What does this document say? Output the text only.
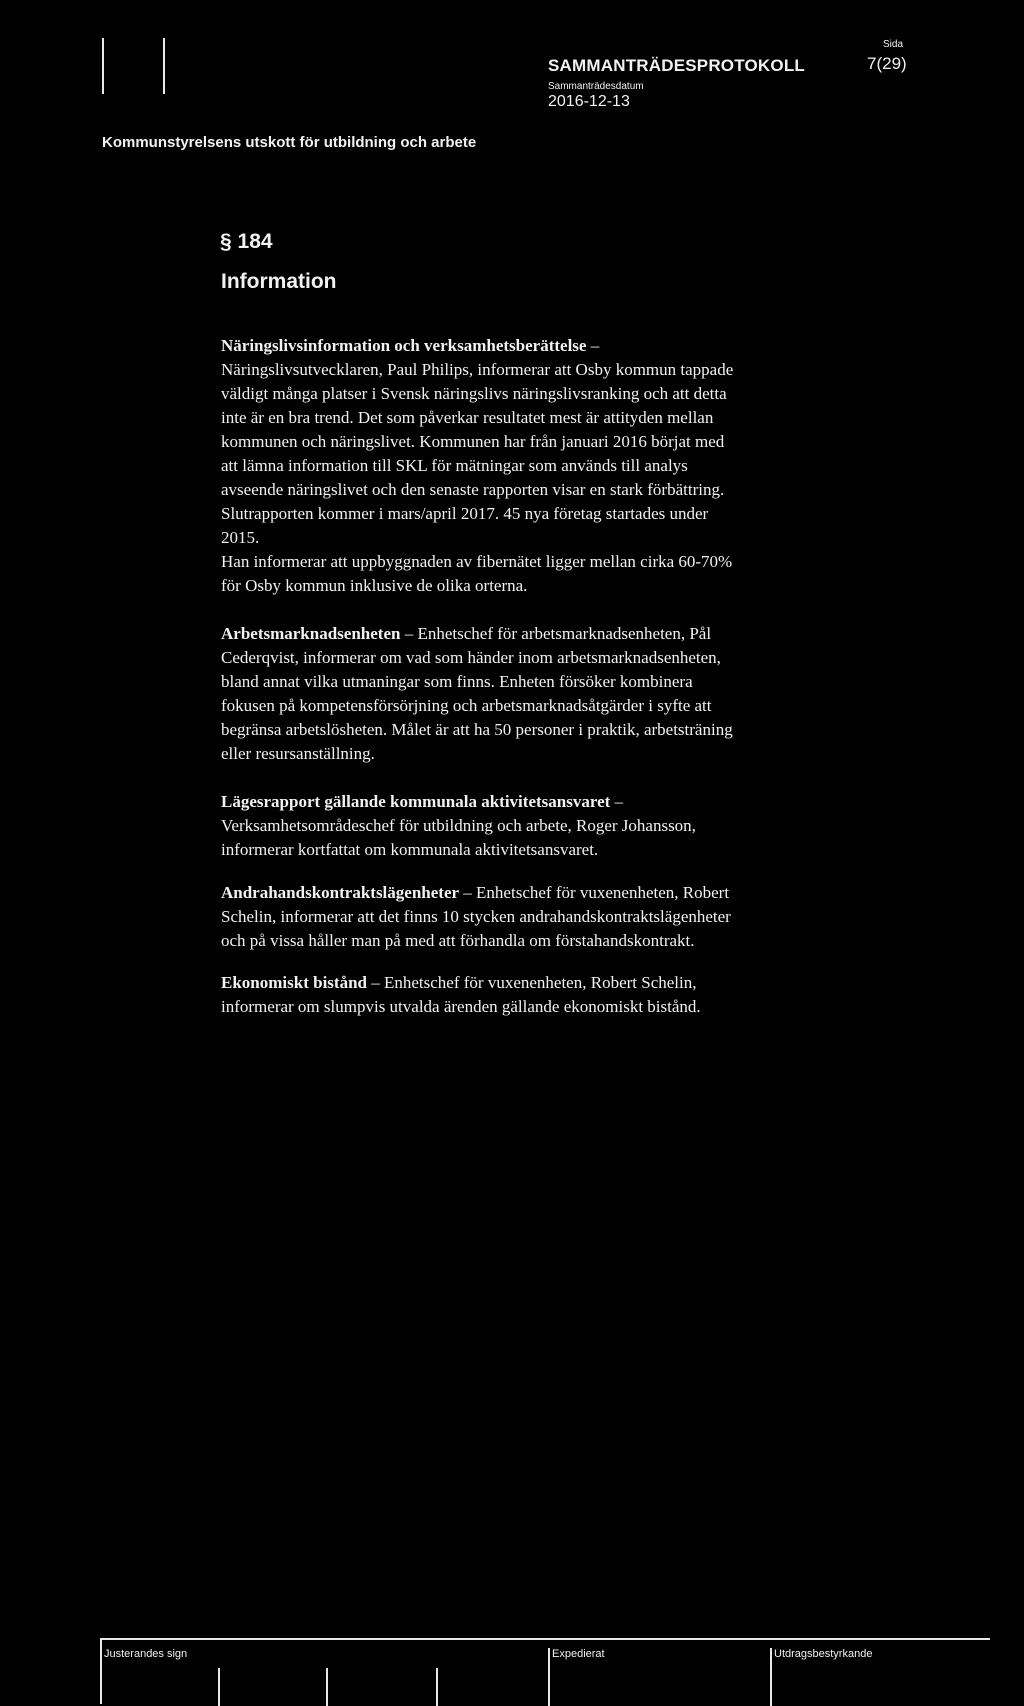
Kommunstyrelsens utskott för utbildning och arbete
SAMMANTRÄDESPROTOKOLL
Sammanträdesdatum
2016-12-13
Sida
7(29)
§ 184
Information
Näringslivsinformation och verksamhetsberättelse –
Näringslivsutvecklaren, Paul Philips, informerar att Osby kommun tappade
väldigt många platser i Svensk näringslivs näringslivsranking och att detta
inte är en bra trend. Det som påverkar resultatet mest är attityden mellan
kommunen och näringslivet. Kommunen har från januari 2016 börjat med
att lämna information till SKL för mätningar som används till analys
avseende näringslivet och den senaste rapporten visar en stark förbättring.
Slutrapporten kommer i mars/april 2017. 45 nya företag startades under
2015.
Han informerar att uppbyggnaden av fibernätet ligger mellan cirka 60-70%
för Osby kommun inklusive de olika orterna.
Arbetsmarknadsenheten – Enhetschef för arbetsmarknadsenheten, Pål
Cederqvist, informerar om vad som händer inom arbetsmarknadsenheten,
bland annat vilka utmaningar som finns. Enheten försöker kombinera
fokusen på kompetensförsörjning och arbetsmarknadsåtgärder i syfte att
begränsa arbetslösheten. Målet är att ha 50 personer i praktik, arbetsträning
eller resursanställning.
Lägesrapport gällande kommunala aktivitetsansvaret –
Verksamhetsområdeschef för utbildning och arbete, Roger Johansson,
informerar kortfattat om kommunala aktivitetsansvaret.
Andrahandskontraktslägenheter – Enhetschef för vuxenenheten, Robert
Schelin, informerar att det finns 10 stycken andrahandskontraktslägenheter
och på vissa håller man på med att förhandla om förstahandskontrakt.
Ekonomiskt bistånd – Enhetschef för vuxenenheten, Robert Schelin,
informerar om slumpvis utvalda ärenden gällande ekonomiskt bistånd.
Justerandes sign	Expedierat	Utdragsbestyrkande
